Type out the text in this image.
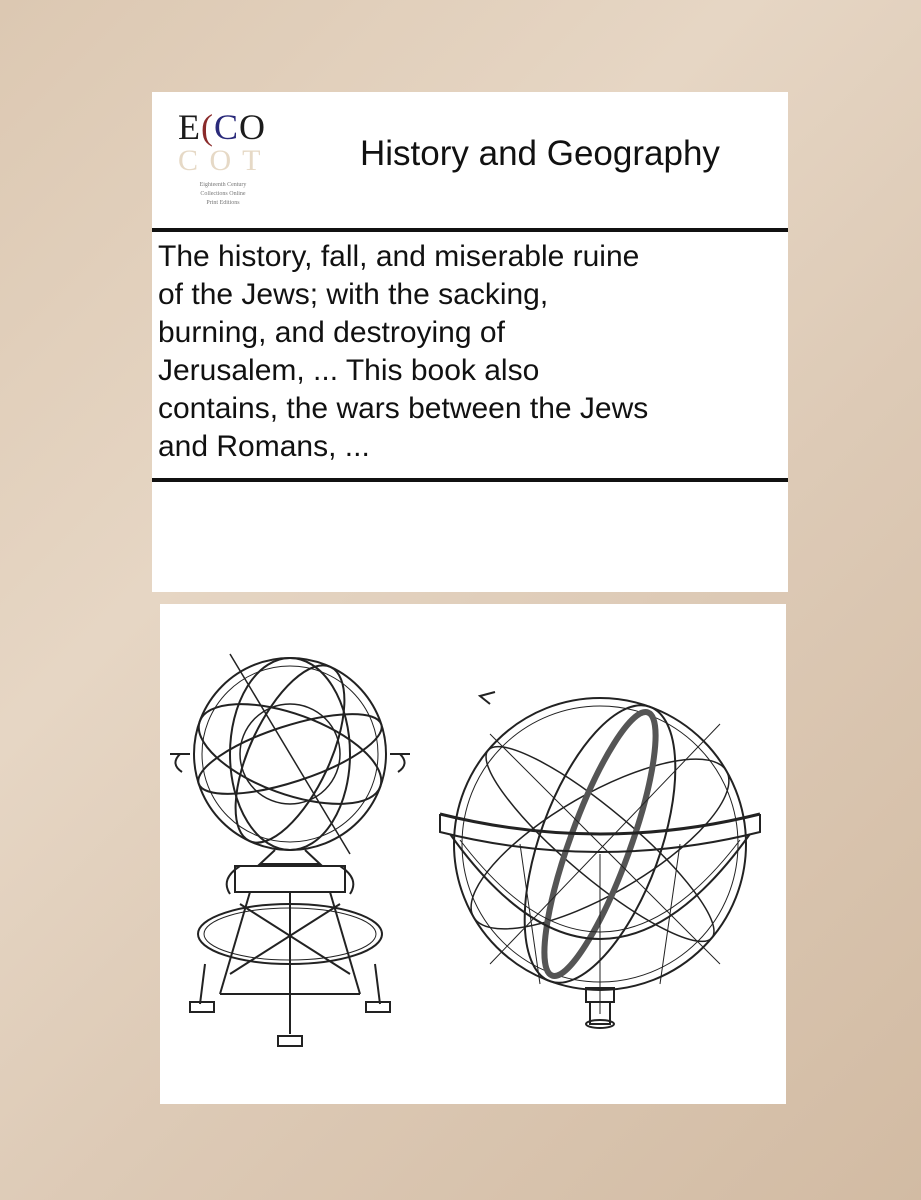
E(CO
C O T
Eighteenth Century
Collections Online
Print Editions
History and Geography
The history, fall, and miserable ruine
of the Jews; with the sacking,
burning, and destroying of
Jerusalem, ... This book also
contains, the wars between the Jews
and Romans, ...
